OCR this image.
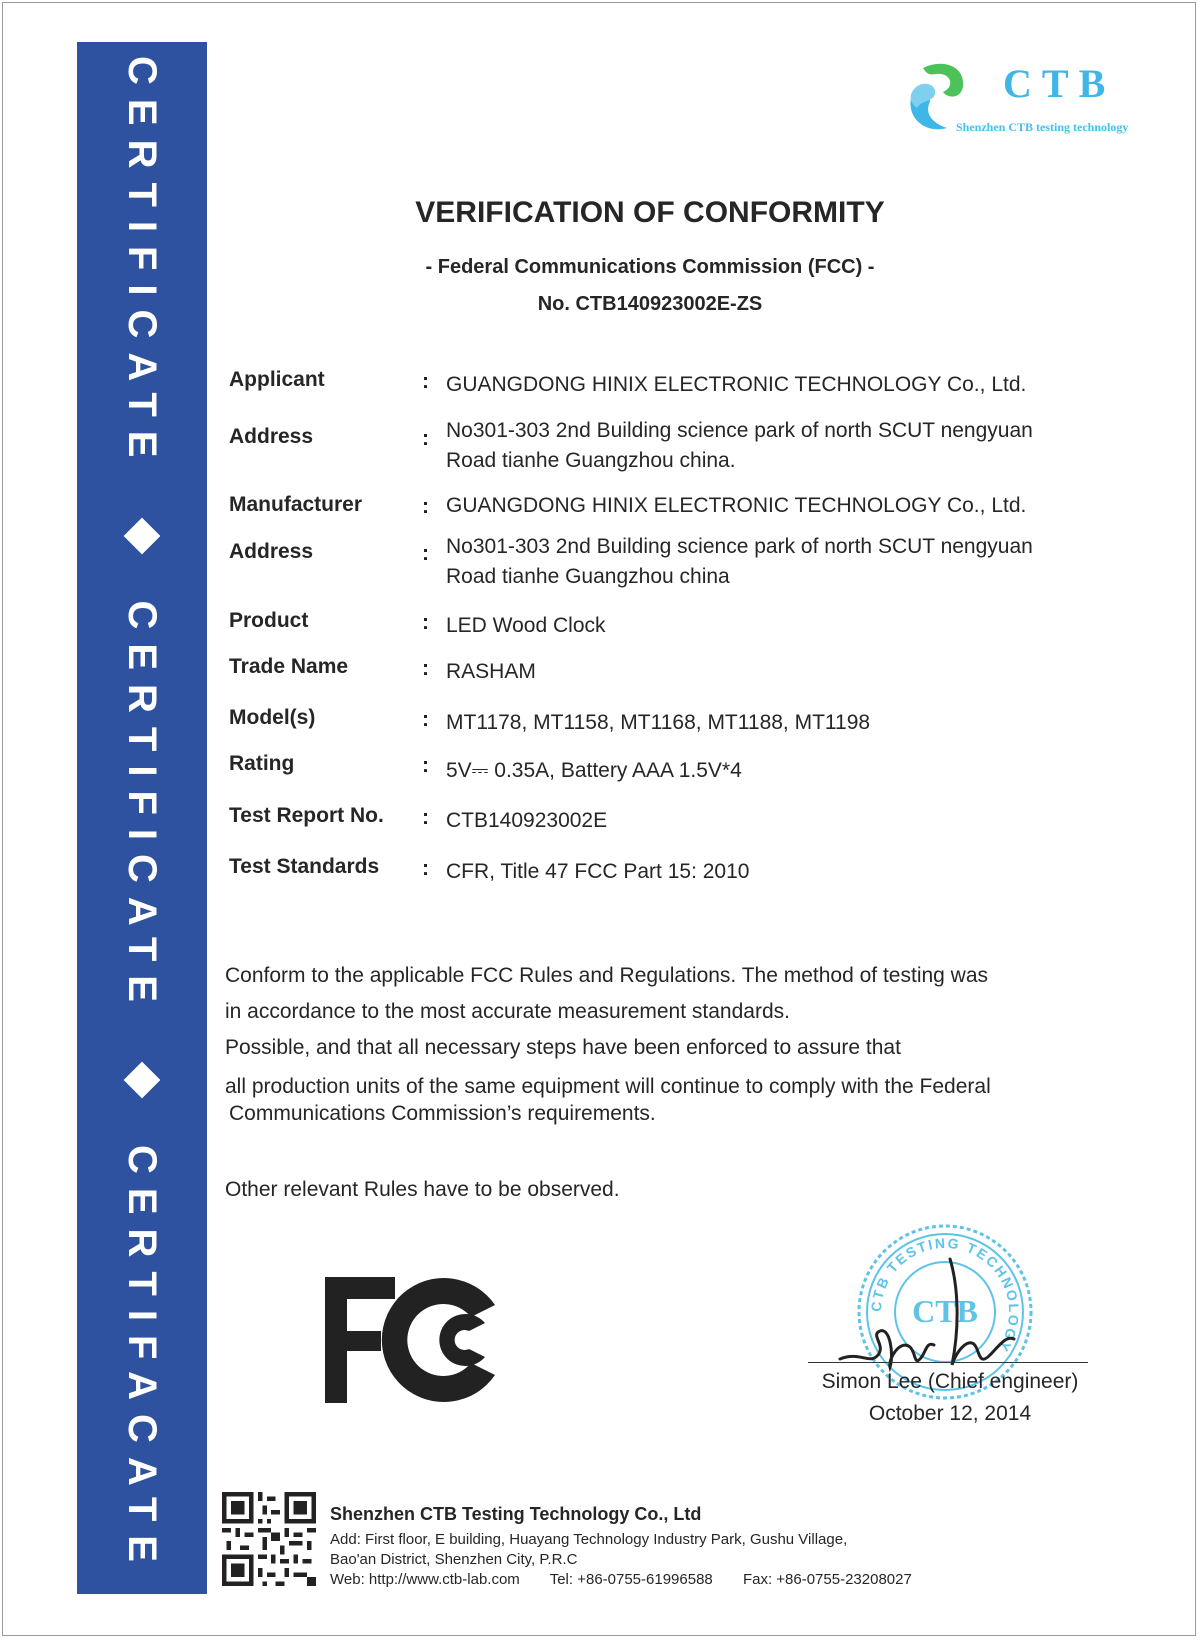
CERTIFICATE
CERTIFICATE
CERTIFACATE
CTB
Shenzhen CTB testing technology
VERIFICATION OF CONFORMITY
- Federal Communications Commission (FCC) -
No. CTB140923002E-ZS
Applicant	: GUANGDONG HINIX ELECTRONIC TECHNOLOGY Co., Ltd.
Address	: No301-303 2nd Building science park of north SCUT nengyuan
Road tianhe Guangzhou china.
Manufacturer	: GUANGDONG HINIX ELECTRONIC TECHNOLOGY Co., Ltd.
Address	: No301-303 2nd Building science park of north SCUT nengyuan
Road tianhe Guangzhou china
Product	: LED Wood Clock
Trade Name	: RASHAM
Model(s)	: MT1178, MT1158, MT1168, MT1188, MT1198
Rating	: 5V⎓ 0.35A, Battery AAA 1.5V*4
Test Report No. : CTB140923002E
Test Standards : CFR, Title 47 FCC Part 15: 2010
Conform to the applicable FCC Rules and Regulations. The method of testing was
in accordance to the most accurate measurement standards.
Possible, and that all necessary steps have been enforced to assure that
all production units of the same equipment will continue to comply with the Federal
Communications Commission’s requirements.
Other relevant Rules have to be observed.
CTB TESTING TECHNOLOGY
CTB
Simon Lee (Chief engineer)
October 12, 2014
Shenzhen CTB Testing Technology Co., Ltd
Add: First floor, E building, Huayang Technology Industry Park, Gushu Village,
Bao'an District, Shenzhen City, P.R.C
Web: http://www.ctb-lab.com Tel: +86-0755-61996588 Fax: +86-0755-23208027
